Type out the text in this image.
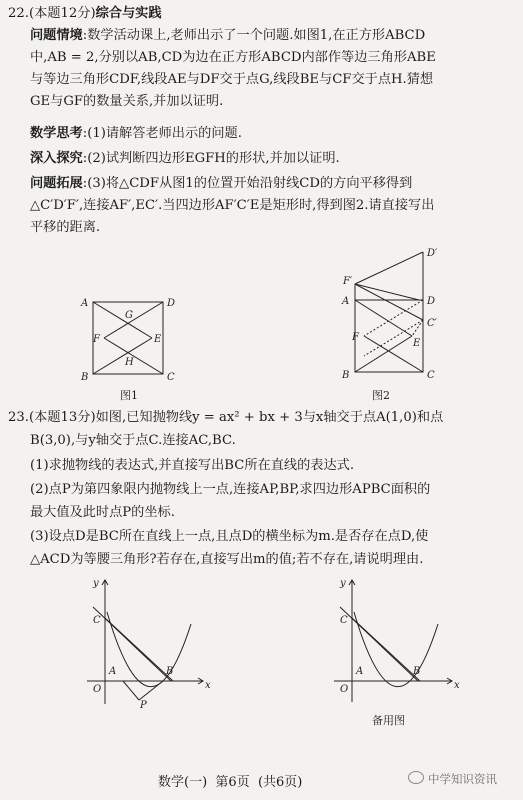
22.(本题12分)综合与实践
问题情境:数学活动课上,老师出示了一个问题.如图1,在正方形ABCD
中,AB = 2,分别以AB,CD为边在正方形ABCD内部作等边三角形ABE
与等边三角形CDF,线段AE与DF交于点G,线段BE与CF交于点H.猜想
GE与GF的数量关系,并加以证明.
数学思考:(1)请解答老师出示的问题.
深入探究:(2)试判断四边形EGFH的形状,并加以证明.
问题拓展:(3)将△CDF从图1的位置开始沿射线CD的方向平移得到
△C′D′F′,连接AF′,EC′.当四边形AF′C′E是矩形时,得到图2.请直接写出
平移的距离.
A	D
B	C
G
H
F	E
图1
D′
F′
A	D
C′
F
E
B	C
图2
23.(本题13分)如图,已知抛物线y = ax² + bx + 3与x轴交于点A(1,0)和点
B(3,0),与y轴交于点C.连接AC,BC.
(1)求抛物线的表达式,并直接写出BC所在直线的表达式.
(2)点P为第四象限内抛物线上一点,连接AP,BP,求四边形APBC面积的
最大值及此时点P的坐标.
(3)设点D是BC所在直线上一点,且点D的横坐标为m.是否存在点D,使
△ACD为等腰三角形?若存在,直接写出m的值;若不存在,请说明理由.
y
C
A	B
O	x
P
y
C
A	B
O	x
备用图
数学(一) 第6页 (共6页)	中学知识资讯
